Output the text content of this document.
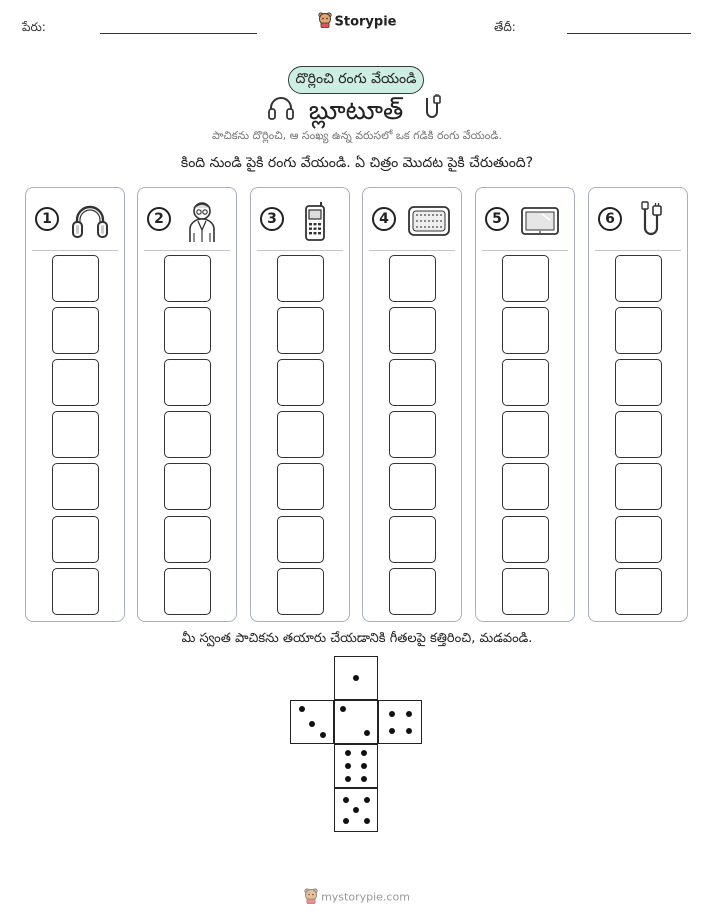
పేరు:	Storypie	తేదీ:
దొర్లించి రంగు వేయండి
బ్లూటూత్
పాచికను దొర్లించి, ఆ సంఖ్య ఉన్న వరుసలో ఒక గడికి రంగు వేయండి.
కింది నుండి పైకి రంగు వేయండి. ఏ చిత్రం మొదట పైకి చేరుతుంది?
1	2	3	4	5	6
మీ స్వంత పాచికను తయారు చేయడానికి గీతలపై కత్తిరించి, మడవండి.
mystorypie.com
